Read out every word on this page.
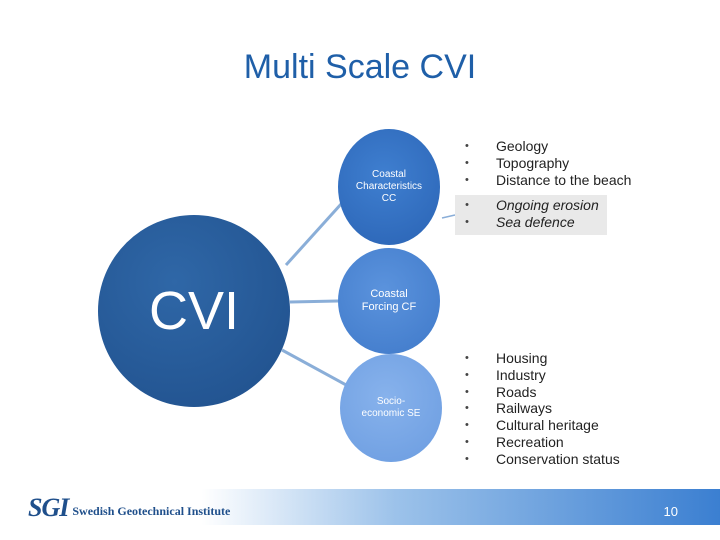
Multi Scale CVI
CVI
Coastal
Characteristics
CC
Coastal
Forcing CF
Socio-
economic SE
• Geology
• Topography
• Distance to the beach
• Ongoing erosion
• Sea defence
• Housing
• Industry
• Roads
• Railways
• Cultural heritage
• Recreation
• Conservation status
SGI Swedish Geotechnical Institute	10
